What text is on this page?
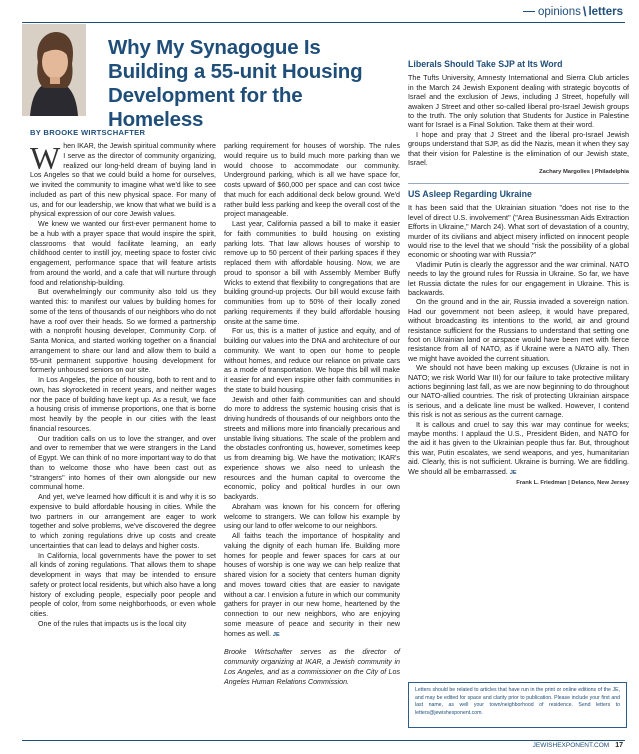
opinions \ letters
Why My Synagogue Is Building a 55-unit Housing Development for the Homeless
BY BROOKE WIRTSCHAFTER

When IKAR, the Jewish spiritual community where I serve as the director of community organizing, realized our long-held dream of buying land in Los Angeles so that we could build a home for ourselves, we invited the community to imagine what we'd like to see included as part of this new physical space. For many of us, and for our leadership, we know that what we build is a physical expression of our core Jewish values.

We knew we wanted our first-ever permanent home to be a hub with a prayer space that would inspire the spirit, classrooms that would facilitate learning, an early childhood center to instill joy, meeting space to foster civic engagement, performance space that will feature artists from around the world, and a cafe that will nurture through food and relationship-building.

But overwhelmingly our community also told us they wanted this: to manifest our values by building homes for some of the tens of thousands of our neighbors who do not have a roof over their heads. So we formed a partnership with a nonprofit housing developer, Community Corp. of Santa Monica, and started working together on a financial arrangement to share our land and allow them to build a 55-unit permanent supportive housing development for formerly unhoused seniors on our site.

In Los Angeles, the price of housing, both to rent and to own, has skyrocketed in recent years, and neither wages nor the pace of building have kept up. As a result, we face a housing crisis of immense proportions, one that is borne most heavily by the people in our cities with the least financial resources.

Our tradition calls on us to love the stranger, and over and over to remember that we were strangers in the Land of Egypt. We can think of no more important way to do that than to welcome those who have been cast out as "strangers" into homes of their own alongside our new communal home.

And yet, we've learned how difficult it is and why it is so expensive to build affordable housing in cities. While the two partners in our arrangement are eager to work together and solve problems, we've discovered the degree to which zoning regulations drive up costs and create uncertainties that can lead to delays and higher costs.

In California, local governments have the power to set all kinds of zoning regulations. That allows them to shape development in ways that may be intended to ensure safety or protect local residents, but which also have a long history of excluding people, especially poor people and people of color, from some neighborhoods, or even whole cities.

One of the rules that impacts us is the local city

parking requirement for houses of worship. The rules would require us to build much more parking than we would choose to accommodate our community. Underground parking, which is all we have space for, costs upward of $60,000 per space and can cost twice that much for each additional deck below ground. We'd rather build less parking and keep the overall cost of the project manageable.

Last year, California passed a bill to make it easier for faith communities to build housing on existing parking lots. That law allows houses of worship to remove up to 50 percent of their parking spaces if they replaced them with affordable housing. Now, we are proud to sponsor a bill with Assembly Member Buffy Wicks to extend that flexibility to congregations that are building ground-up projects. Our bill would excuse faith communities from up to 50% of their locally zoned parking requirements if they build affordable housing onsite at the same time.

For us, this is a matter of justice and equity, and of building our values into the DNA and architecture of our community. We want to open our home to people without homes, and reduce our reliance on private cars as a mode of transportation. We hope this bill will make it easier for and even inspire other faith communities in the state to build housing.

Jewish and other faith communities can and should do more to address the systemic housing crisis that is driving hundreds of thousands of our neighbors onto the streets and millions more into financially precarious and unstable living situations. The scale of the problem and the obstacles confronting us, however, sometimes keep us from dreaming big. We have the motivation; IKAR's experience shows we also need to unleash the resources and the human capital to overcome the economic, policy and political hurdles in our own backyards.

Abraham was known for his concern for offering welcome to strangers. We can follow his example by using our land to offer welcome to our neighbors.

All faiths teach the importance of hospitality and valuing the dignity of each human life. Building more homes for people and fewer spaces for cars at our houses of worship is one way we can help realize that shared vision for a society that centers human dignity and moves toward cities that are easier to navigate without a car. I envision a future in which our community gathers for prayer in our new home, heartened by the connection to our new neighbors, who are enjoying some measure of peace and security in their new homes as well. JE

Brooke Wirtschafter serves as the director of community organizing at IKAR, a Jewish community in Los Angeles, and as a commissioner on the City of Los Angeles Human Relations Commission.

Liberals Should Take SJP at Its Word

The Tufts University, Amnesty International and Sierra Club articles in the March 24 Jewish Exponent dealing with strategic boycotts of Israel and the exclusion of Jews, including J Street, hopefully will awaken J Street and other so-called liberal pro-Israel Jewish groups to the truth. The only solution that Students for Justice in Palestine want for Israel is a Final Solution. Take them at their word.

I hope and pray that J Street and the liberal pro-Israel Jewish groups understand that SJP, as did the Nazis, mean it when they say that their vision for Palestine is the elimination of our Jewish state, Israel.

Zachary Margolies | Philadelphia
US Asleep Regarding Ukraine

It has been said that the Ukrainian situation "does not rise to the level of direct U.S. involvement" ("Area Businessman Aids Extraction Efforts in Ukraine," March 24). What sort of devastation of a country, murder of its civilians and abject misery inflicted on innocent people would rise to the level that we should "risk the possibility of a global economic or shooting war with Russia?"

Vladimir Putin is clearly the aggressor and the war criminal. NATO needs to lay the ground rules for Russia in Ukraine. So far, we have let Russia dictate the rules for our engagement in Ukraine. This is backwards.

On the ground and in the air, Russia invaded a sovereign nation. Had our government not been asleep, it would have prepared, without broadcasting its intentions to the world, air and ground resistance sufficient for the Russians to understand that setting one foot on Ukrainian land or airspace would have been met with fierce resistance from all of NATO, as if Ukraine were a NATO ally. Then we might have avoided the current situation.

We should not have been making up excuses (Ukraine is not in NATO; we risk World War III) for our failure to take protective military actions beginning last fall, as we are now beginning to do throughout our NATO-allied countries. The risk of protecting Ukrainian airspace is serious, and a delicate line must be walked. However, I contend this risk is not as serious as the current carnage.

It is callous and cruel to say this war may continue for weeks; maybe months. I applaud the U.S., President Biden, and NATO for the aid it has given to the Ukrainian people thus far. But, throughout this war, Putin escalates, we send weapons, and yes, humanitarian aid. Clearly, this is not sufficient. Ukraine is burning. We are fiddling. We should all be embarrassed. JE

Frank L. Friedman | Delanco, New Jersey
Letters should be related to articles that have run in the print or online editions of the JE, and may be edited for space and clarity prior to publication. Please include your first and last name, as well your town/neighborhood of residence. Send letters to letters@jewishexponent.com.
JEWISHEXPONENT.COM 17
